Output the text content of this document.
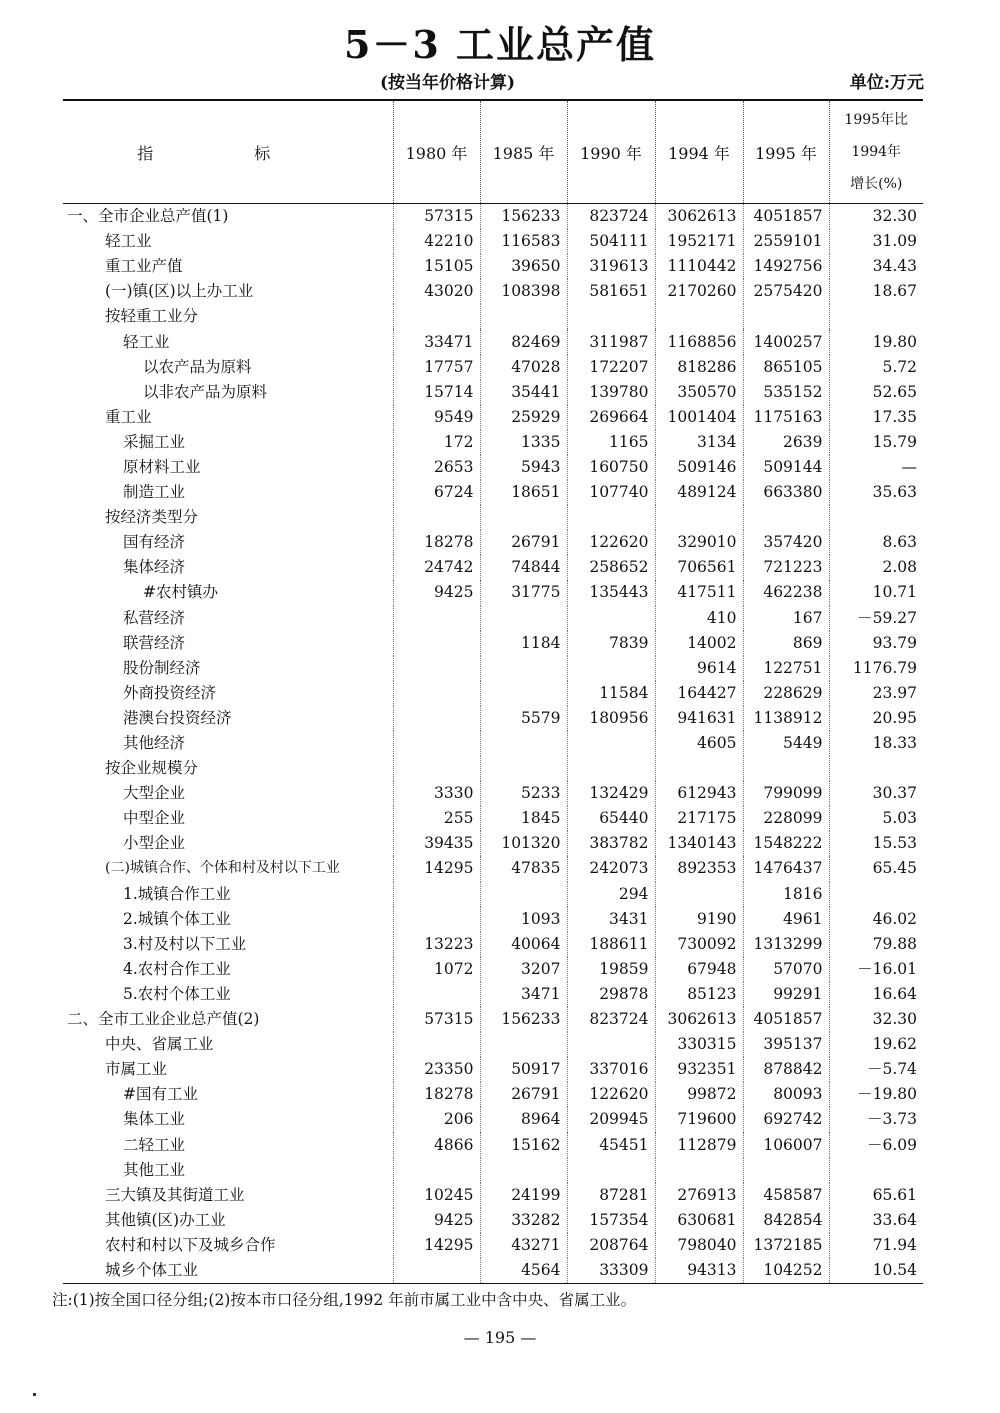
5－3 工业总产值
(按当年价格计算)	单位:万元
指 标	1980 年	1985 年	1990 年	1994 年	1995 年	1995年比
1994年
增长(%)

一、全市企业总产值(1)	57315	156233	823724	3062613	4051857	32.30
轻工业	42210	116583	504111	1952171	2559101	31.09
重工业产值	15105	39650	319613	1110442	1492756	34.43
(一)镇(区)以上办工业	43020	108398	581651	2170260	2575420	18.67
按轻重工业分						
轻工业	33471	82469	311987	1168856	1400257	19.80
以农产品为原料	17757	47028	172207	818286	865105	5.72
以非农产品为原料	15714	35441	139780	350570	535152	52.65
重工业	9549	25929	269664	1001404	1175163	17.35
采掘工业	172	1335	1165	3134	2639	15.79
原材料工业	2653	5943	160750	509146	509144	—
制造工业	6724	18651	107740	489124	663380	35.63
按经济类型分						
国有经济	18278	26791	122620	329010	357420	8.63
集体经济	24742	74844	258652	706561	721223	2.08
#农村镇办	9425	31775	135443	417511	462238	10.71
私营经济				410	167	－59.27
联营经济		1184	7839	14002	869	93.79
股份制经济				9614	122751	1176.79
外商投资经济			11584	164427	228629	23.97
港澳台投资经济		5579	180956	941631	1138912	20.95
其他经济				4605	5449	18.33
按企业规模分						
大型企业	3330	5233	132429	612943	799099	30.37
中型企业	255	1845	65440	217175	228099	5.03
小型企业	39435	101320	383782	1340143	1548222	15.53
(二)城镇合作、个体和村及村以下工业	14295	47835	242073	892353	1476437	65.45
1.城镇合作工业			294		1816	
2.城镇个体工业		1093	3431	9190	4961	46.02
3.村及村以下工业	13223	40064	188611	730092	1313299	79.88
4.农村合作工业	1072	3207	19859	67948	57070	－16.01
5.农村个体工业		3471	29878	85123	99291	16.64
二、全市工业企业总产值(2)	57315	156233	823724	3062613	4051857	32.30
中央、省属工业				330315	395137	19.62
市属工业	23350	50917	337016	932351	878842	－5.74
#国有工业	18278	26791	122620	99872	80093	－19.80
集体工业	206	8964	209945	719600	692742	－3.73
二轻工业	4866	15162	45451	112879	106007	－6.09
其他工业						
三大镇及其街道工业	10245	24199	87281	276913	458587	65.61
其他镇(区)办工业	9425	33282	157354	630681	842854	33.64
农村和村以下及城乡合作	14295	43271	208764	798040	1372185	71.94
城乡个体工业		4564	33309	94313	104252	10.54
注:(1)按全国口径分组;(2)按本市口径分组,1992 年前市属工业中含中央、省属工业。
— 195 —
